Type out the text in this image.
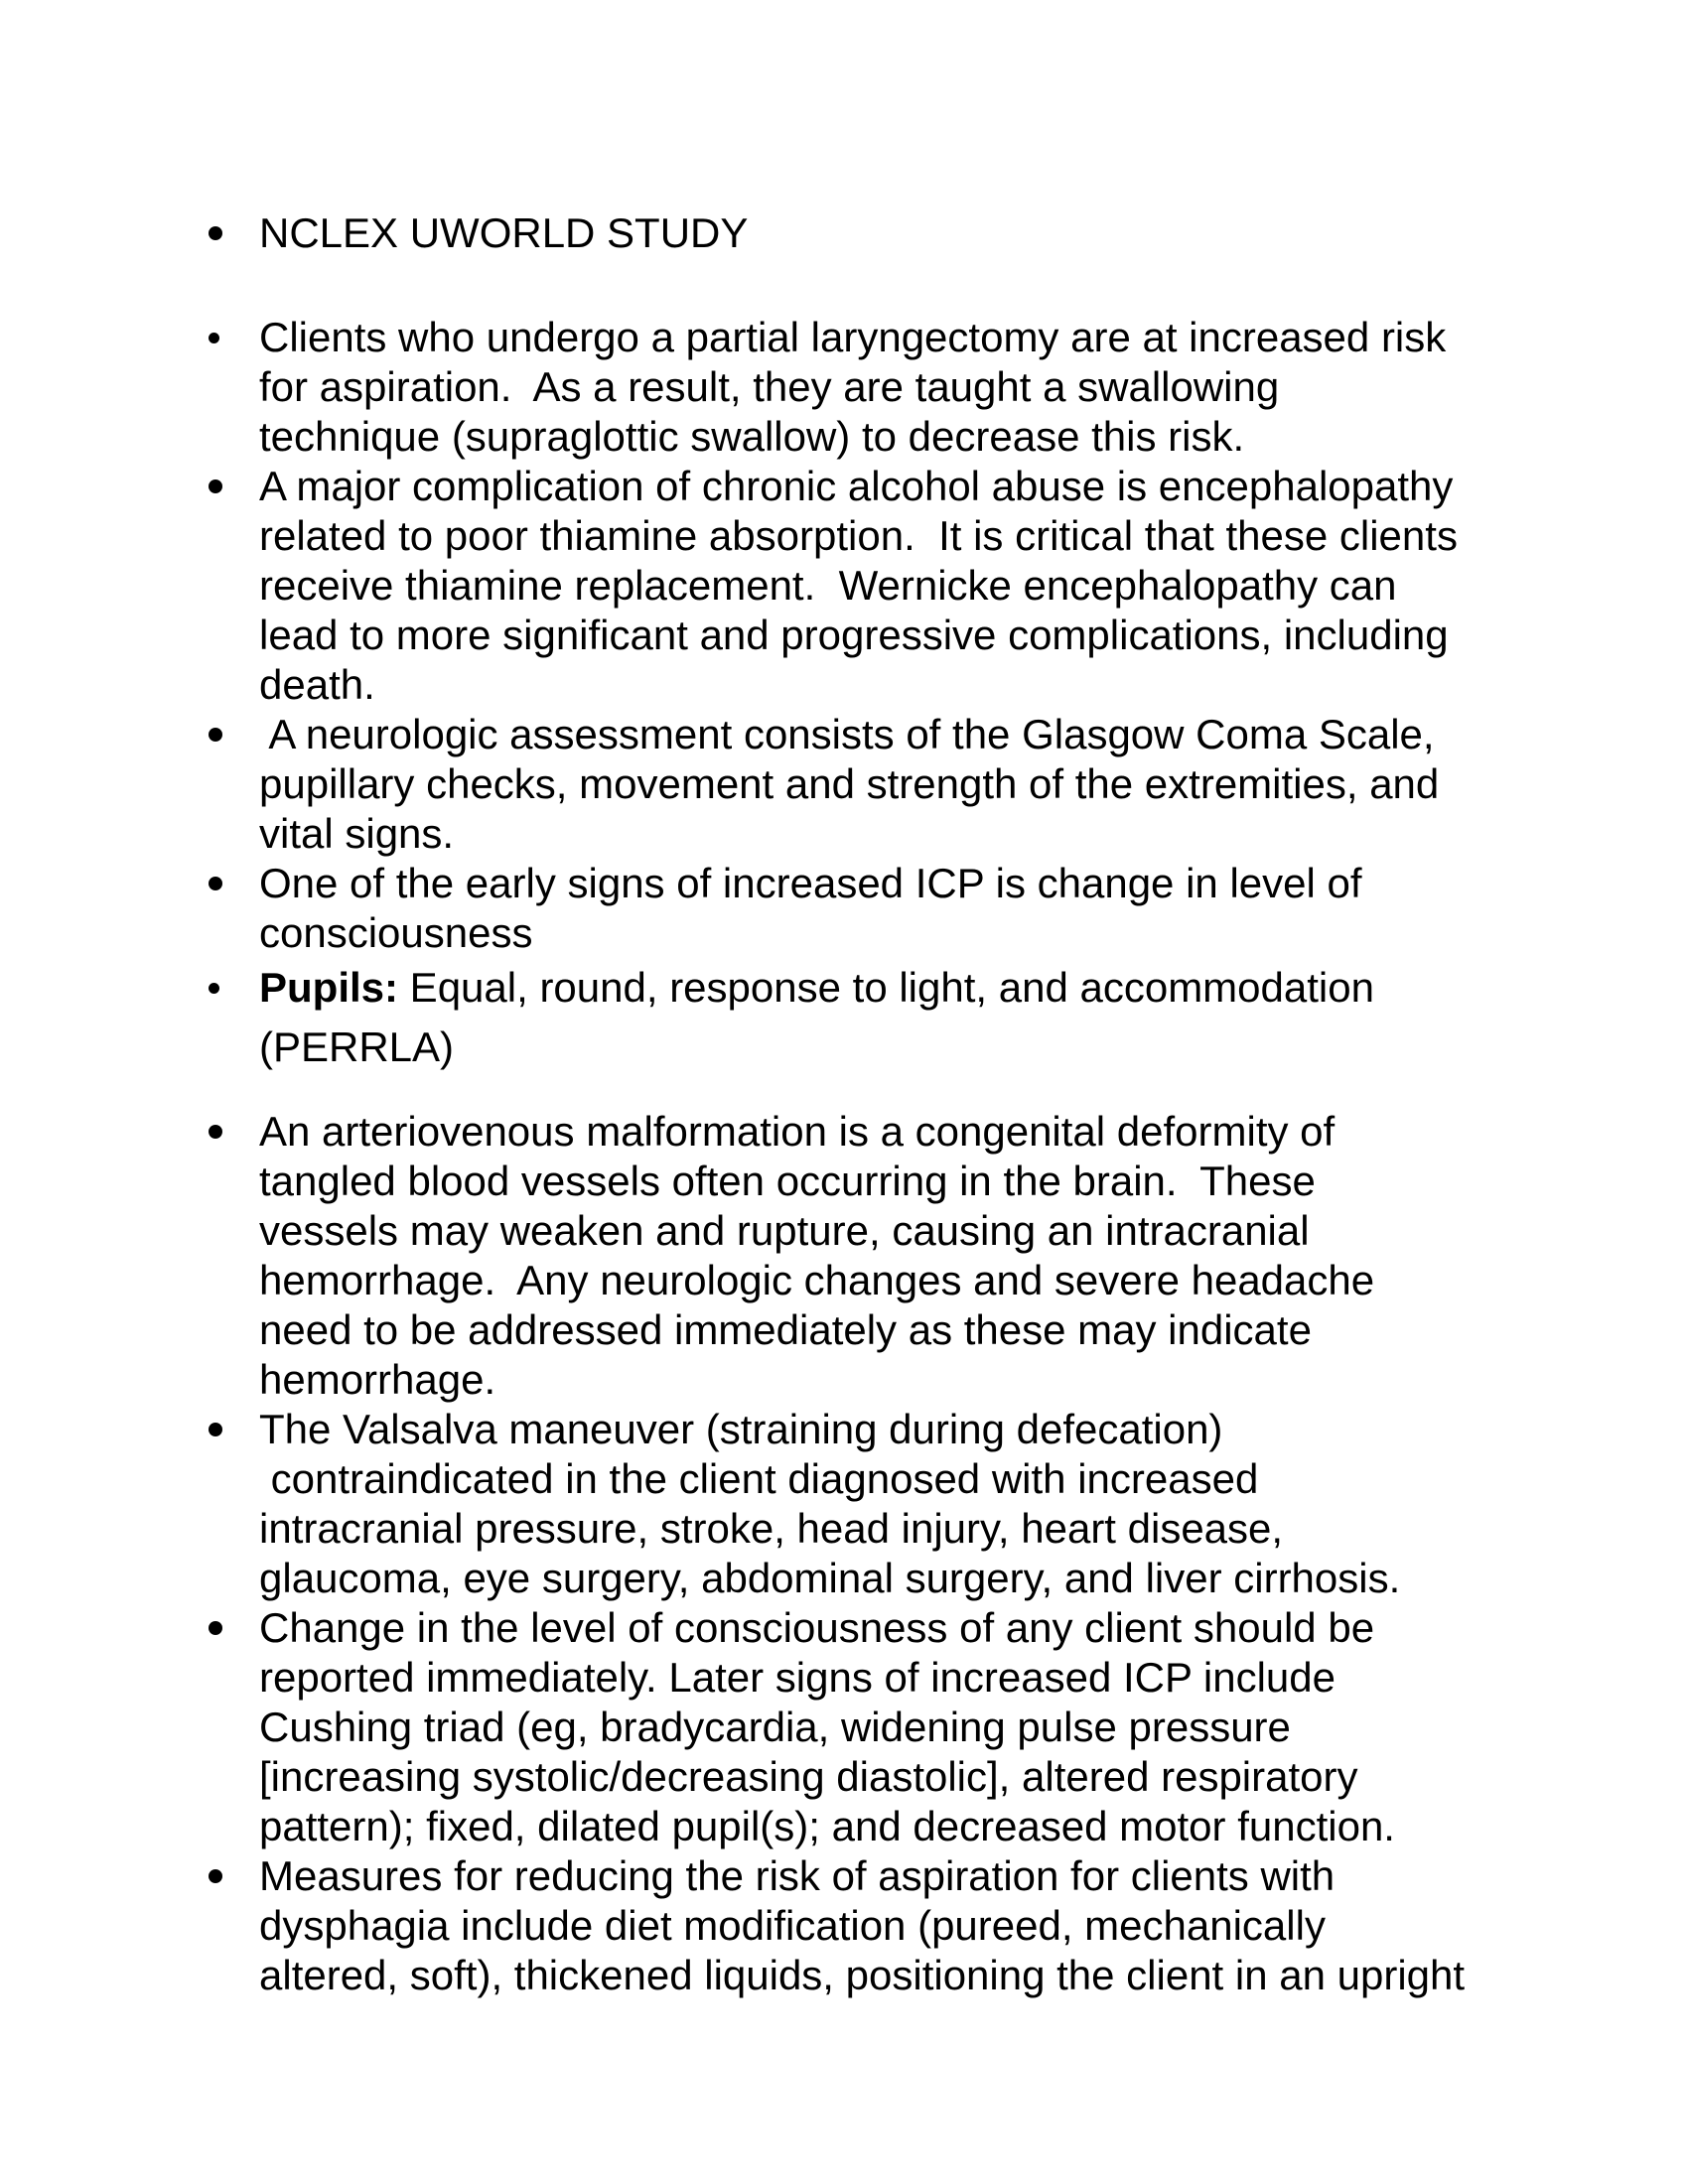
NCLEX UWORLD STUDY
Clients who undergo a partial laryngectomy are at increased risk
for aspiration.  As a result, they are taught a swallowing
technique (supraglottic swallow) to decrease this risk.
A major complication of chronic alcohol abuse is encephalopathy
related to poor thiamine absorption.  It is critical that these clients
receive thiamine replacement.  Wernicke encephalopathy can
lead to more significant and progressive complications, including
death.
A neurologic assessment consists of the Glasgow Coma Scale,
pupillary checks, movement and strength of the extremities, and
vital signs.
One of the early signs of increased ICP is change in level of
consciousness
Pupils: Equal, round, response to light, and accommodation
(PERRLA)
An arteriovenous malformation is a congenital deformity of
tangled blood vessels often occurring in the brain.  These
vessels may weaken and rupture, causing an intracranial
hemorrhage.  Any neurologic changes and severe headache
need to be addressed immediately as these may indicate
hemorrhage.
The Valsalva maneuver (straining during defecation)
contraindicated in the client diagnosed with increased
intracranial pressure, stroke, head injury, heart disease,
glaucoma, eye surgery, abdominal surgery, and liver cirrhosis.
Change in the level of consciousness of any client should be
reported immediately. Later signs of increased ICP include
Cushing triad (eg, bradycardia, widening pulse pressure
[increasing systolic/decreasing diastolic], altered respiratory
pattern); fixed, dilated pupil(s); and decreased motor function.
Measures for reducing the risk of aspiration for clients with
dysphagia include diet modification (pureed, mechanically
altered, soft), thickened liquids, positioning the client in an upright
